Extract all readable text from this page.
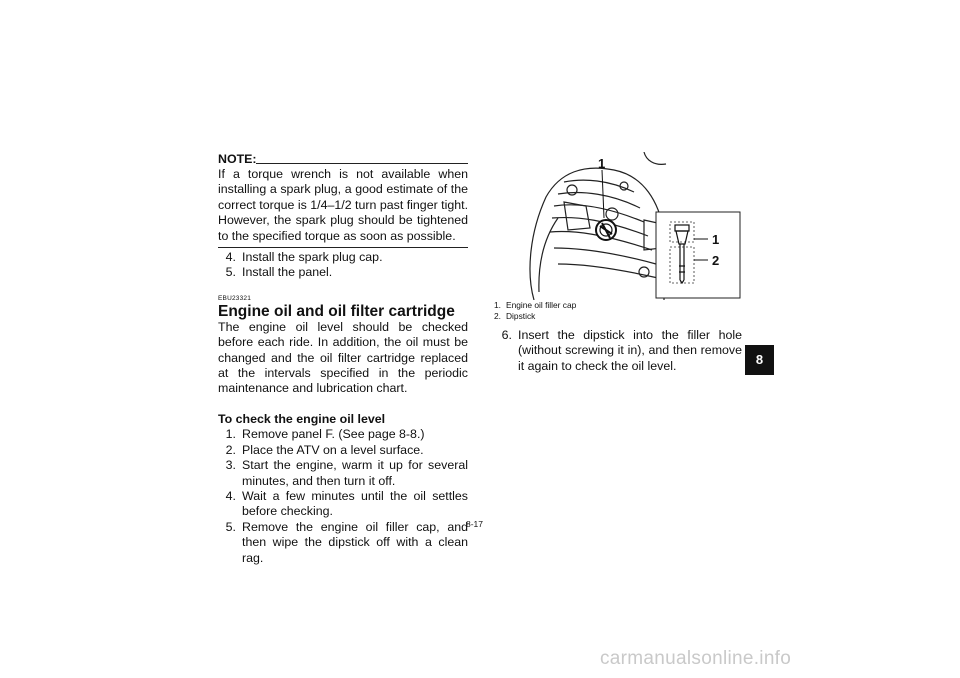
NOTE:
If a torque wrench is not available when installing a spark plug, a good estimate of the correct torque is 1/4–1/2 turn past finger tight. However, the spark plug should be tightened to the specified torque as soon as possible.
4. Install the spark plug cap.
5. Install the panel.
EBU23321
Engine oil and oil filter cartridge
The engine oil level should be checked before each ride. In addition, the oil must be changed and the oil filter cartridge replaced at the intervals specified in the periodic maintenance and lubrication chart.
To check the engine oil level
1. Remove panel F. (See page 8-8.)
2. Place the ATV on a level surface.
3. Start the engine, warm it up for several minutes, and then turn it off.
4. Wait a few minutes until the oil settles before checking.
5. Remove the engine oil filler cap, and then wipe the dipstick off with a clean rag.
1
1
2
1. Engine oil filler cap
2. Dipstick
6. Insert the dipstick into the filler hole (without screwing it in), and then remove it again to check the oil level.	8
8-17
carmanualsonline.info
